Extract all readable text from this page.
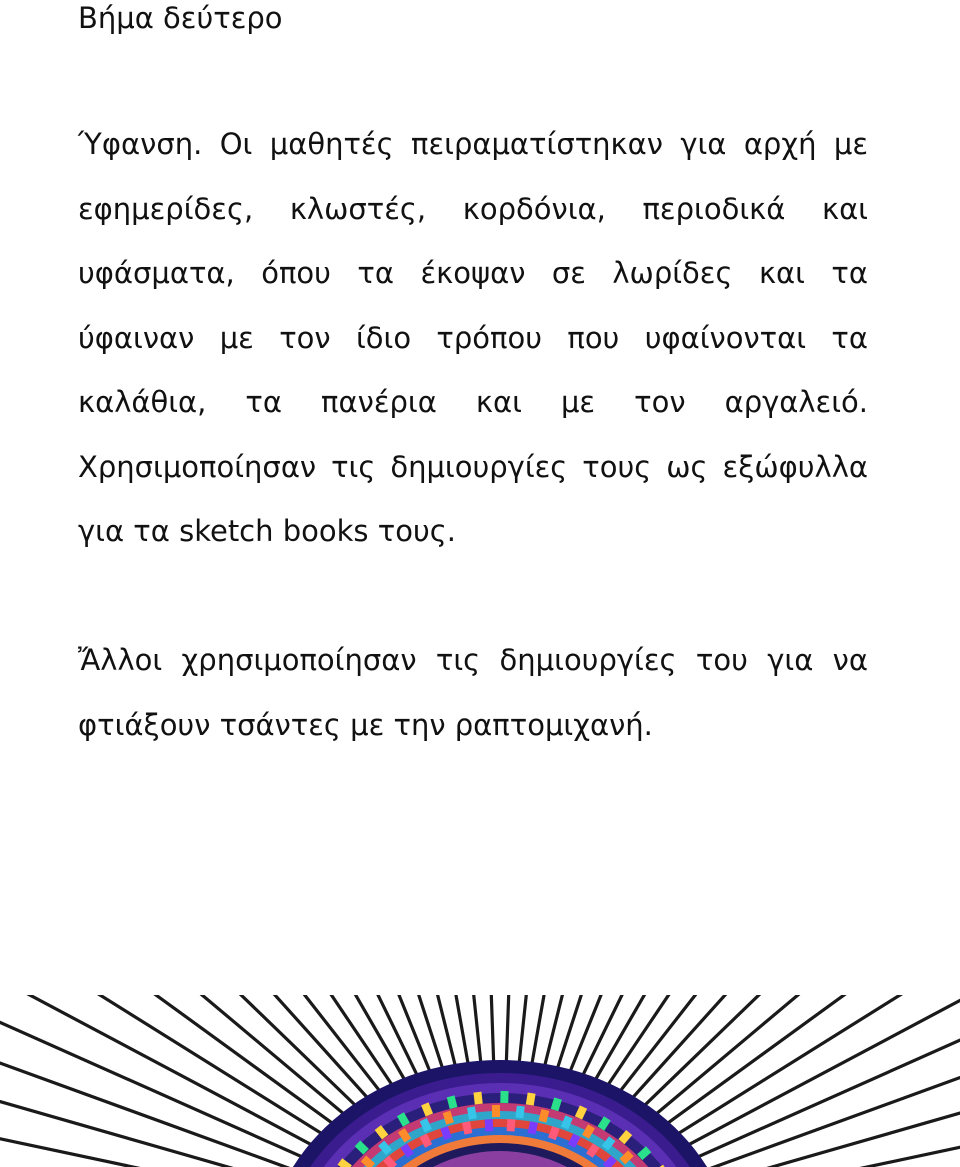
Βήμα δεύτερο

Ύφανση. Οι μαθητές πειραματίστηκαν για αρχή με
εφημερίδες, κλωστές, κορδόνια, περιοδικά και
υφάσματα, όπου τα έκοψαν σε λωρίδες και τα
ύφαιναν με τον ίδιο τρόπου που υφαίνονται τα
καλάθια, τα πανέρια και με τον αργαλειό.
Χρησιμοποίησαν τις δημιουργίες τους ως εξώφυλλα
για τα sketch books τους.

Ἄλλοι χρησιμοποίησαν τις δημιουργίες του για να
φτιάξουν τσάντες με την ραπτομιχανή.
